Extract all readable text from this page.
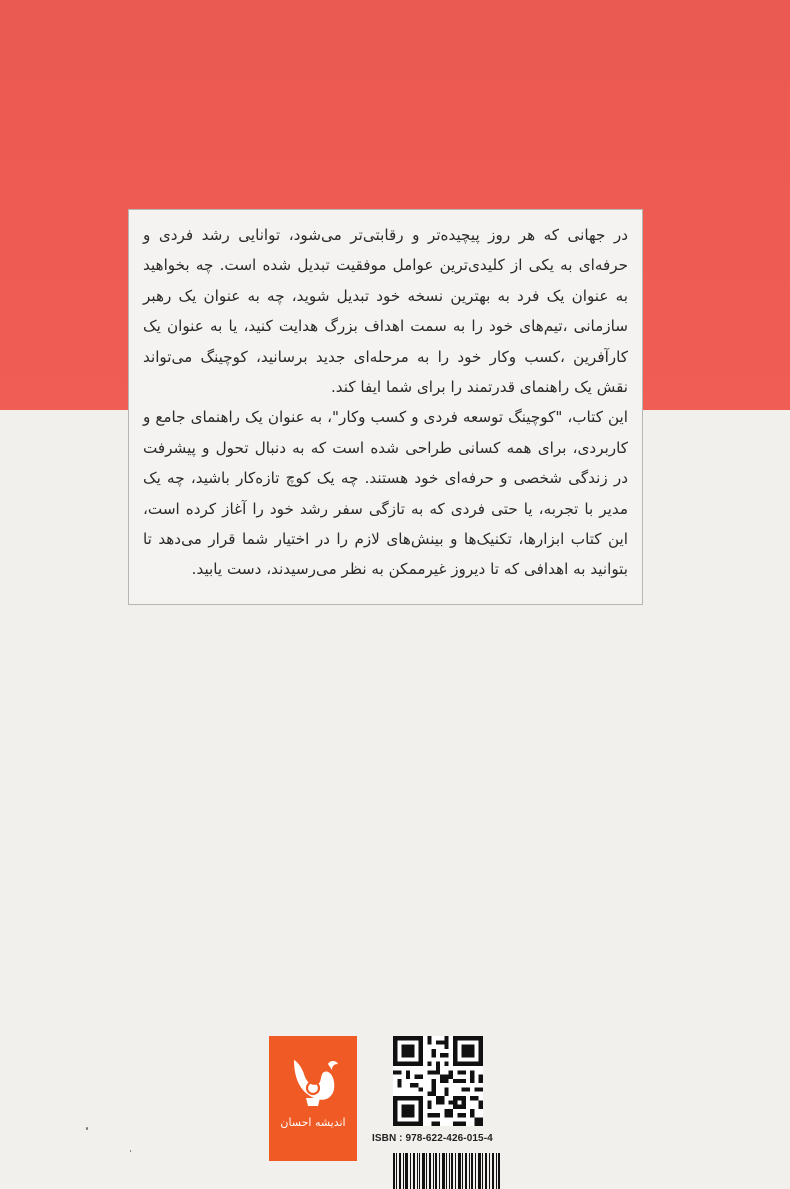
در جهانی که هر روز پیچیده‌تر و رقابتی‌تر می‌شود، توانایی رشد فردی و حرفه‌ای به یکی از کلیدی‌ترین عوامل موفقیت تبدیل شده است. چه بخواهید به عنوان یک فرد به بهترین نسخه خود تبدیل شوید، چه به عنوان یک رهبر سازمانی ،تیم‌های خود را به سمت اهداف بزرگ هدایت کنید، یا به عنوان یک کارآفرین ،کسب وکار خود را به مرحله‌ای جدید برسانید، کوچینگ می‌تواند نقش یک راهنمای قدرتمند را برای شما ایفا کند.

این کتاب، "کوچینگ توسعه فردی و کسب وکار"، به عنوان یک راهنمای جامع و کاربردی، برای همه کسانی طراحی شده است که به دنبال تحول و پیشرفت در زندگی شخصی و حرفه‌ای خود هستند. چه یک کوچ تازه‌کار باشید، چه یک مدیر با تجربه، یا حتی فردی که به تازگی سفر رشد خود را آغاز کرده است، این کتاب ابزارها، تکنیک‌ها و بینش‌های لازم را در اختیار شما قرار می‌دهد تا بتوانید به اهدافی که تا دیروز غیرممکن به نظر می‌رسیدند، دست یابید.

اندیشه احسان
ISBN : 978-622-426-015-4
